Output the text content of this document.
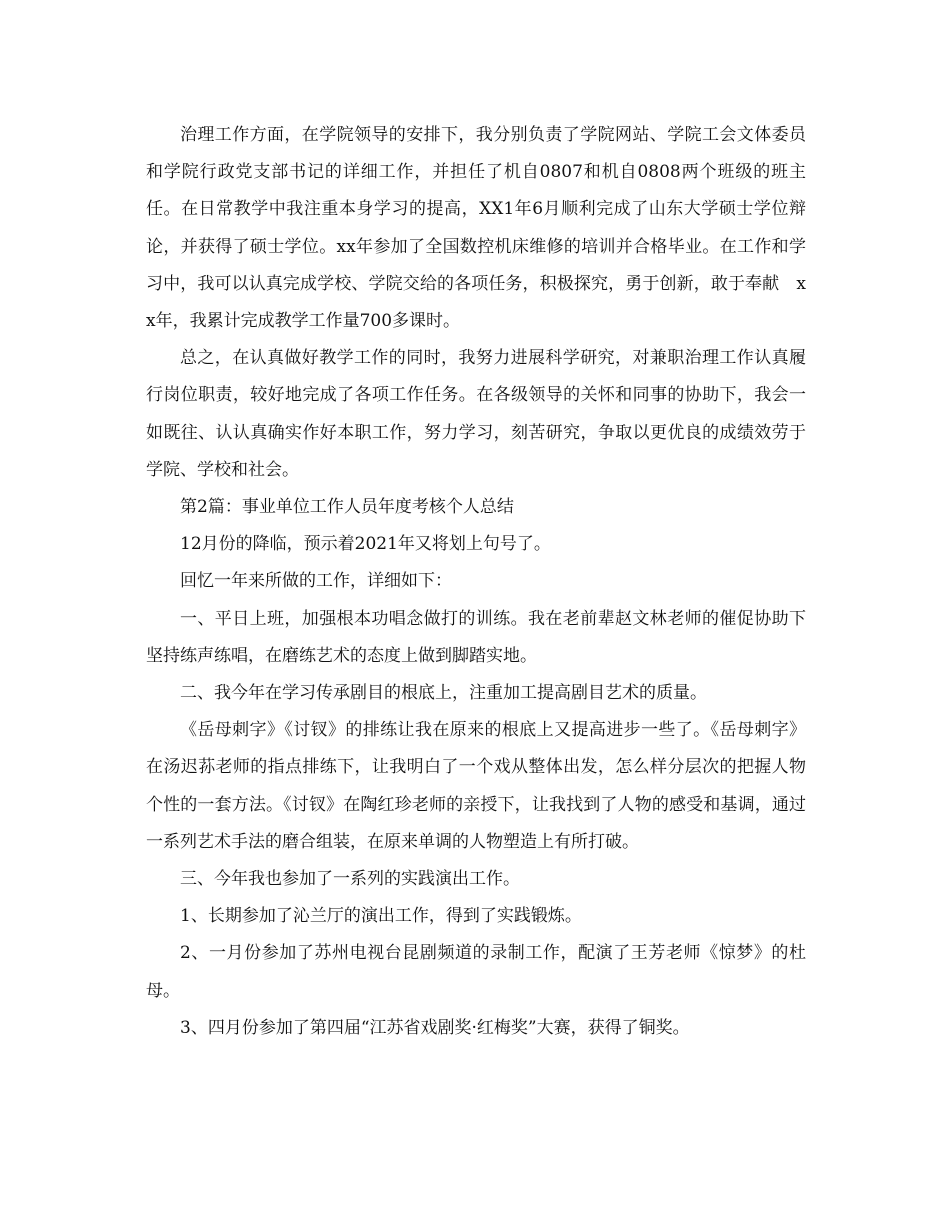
治理工作方面，在学院领导的安排下，我分别负责了学院网站、学院工会文体委员和学院行政党支部书记的详细工作，并担任了机自0807和机自0808两个班级的班主任。在日常教学中我注重本身学习的提高，XX1年6月顺利完成了山东大学硕士学位辩论，并获得了硕士学位。xx年参加了全国数控机床维修的培训并合格毕业。在工作和学习中，我可以认真完成学校、学院交给的各项任务，积极探究，勇于创新，敢于奉献　xx年，我累计完成教学工作量700多课时。

总之，在认真做好教学工作的同时，我努力进展科学研究，对兼职治理工作认真履行岗位职责，较好地完成了各项工作任务。在各级领导的关怀和同事的协助下，我会一如既往、认认真确实作好本职工作，努力学习，刻苦研究，争取以更优良的成绩效劳于学院、学校和社会。

第2篇：事业单位工作人员年度考核个人总结

12月份的降临，预示着2021年又将划上句号了。

回忆一年来所做的工作，详细如下：

一、平日上班，加强根本功唱念做打的训练。我在老前辈赵文林老师的催促协助下坚持练声练唱，在磨练艺术的态度上做到脚踏实地。

二、我今年在学习传承剧目的根底上，注重加工提高剧目艺术的质量。

《岳母刺字》《讨钗》的排练让我在原来的根底上又提高进步一些了。《岳母刺字》在汤迟荪老师的指点排练下，让我明白了一个戏从整体出发，怎么样分层次的把握人物个性的一套方法。《讨钗》在陶红珍老师的亲授下，让我找到了人物的感受和基调，通过一系列艺术手法的磨合组装，在原来单调的人物塑造上有所打破。

三、今年我也参加了一系列的实践演出工作。

1、长期参加了沁兰厅的演出工作，得到了实践锻炼。

2、一月份参加了苏州电视台昆剧频道的录制工作，配演了王芳老师《惊梦》的杜母。

3、四月份参加了第四届“江苏省戏剧奖·红梅奖”大赛，获得了铜奖。
